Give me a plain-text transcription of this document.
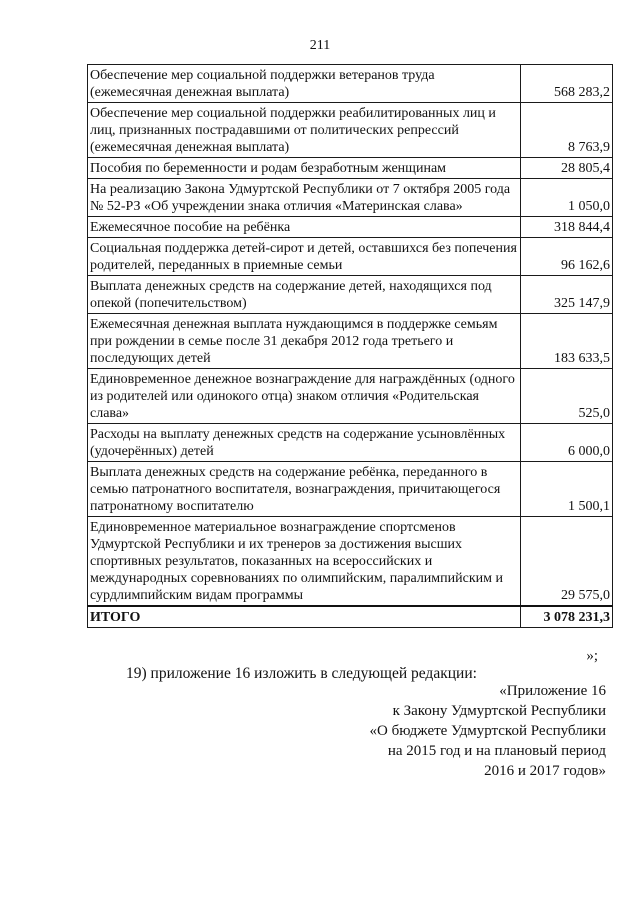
211
Обеспечение мер социальной поддержки ветеранов труда (ежемесячная денежная выплата)	568 283,2
Обеспечение мер социальной поддержки реабилитированных лиц и лиц, признанных пострадавшими от политических репрессий (ежемесячная денежная выплата)	8 763,9
Пособия по беременности и родам безработным женщинам	28 805,4
На реализацию Закона Удмуртской Республики от 7 октября 2005 года № 52-РЗ «Об учреждении знака отличия «Материнская слава»	1 050,0
Ежемесячное пособие на ребёнка	318 844,4
Социальная поддержка детей-сирот и детей, оставшихся без попечения родителей, переданных в приемные семьи	96 162,6
Выплата денежных средств на содержание детей, находящихся под опекой (попечительством)	325 147,9
Ежемесячная денежная выплата нуждающимся в поддержке семьям при рождении в семье после 31 декабря 2012 года третьего и последующих детей	183 633,5
Единовременное денежное вознаграждение для награждённых (одного из родителей или одинокого отца) знаком отличия «Родительская слава»	525,0
Расходы на выплату денежных средств на содержание усыновлённых (удочерённых) детей	6 000,0
Выплата денежных средств на содержание ребёнка, переданного в семью патронатного воспитателя, вознаграждения, причитающегося патронатному воспитателю	1 500,1
Единовременное материальное вознаграждение спортсменов Удмуртской Республики и их тренеров за достижения высших спортивных результатов, показанных на всероссийских и международных соревнованиях по олимпийским, паралимпийским и сурдлимпийским видам программы	29 575,0
ИТОГО	3 078 231,3
»;
19) приложение 16 изложить в следующей редакции:
«Приложение 16
к Закону Удмуртской Республики
«О бюджете Удмуртской Республики
на 2015 год и на плановый период
2016 и 2017 годов»
